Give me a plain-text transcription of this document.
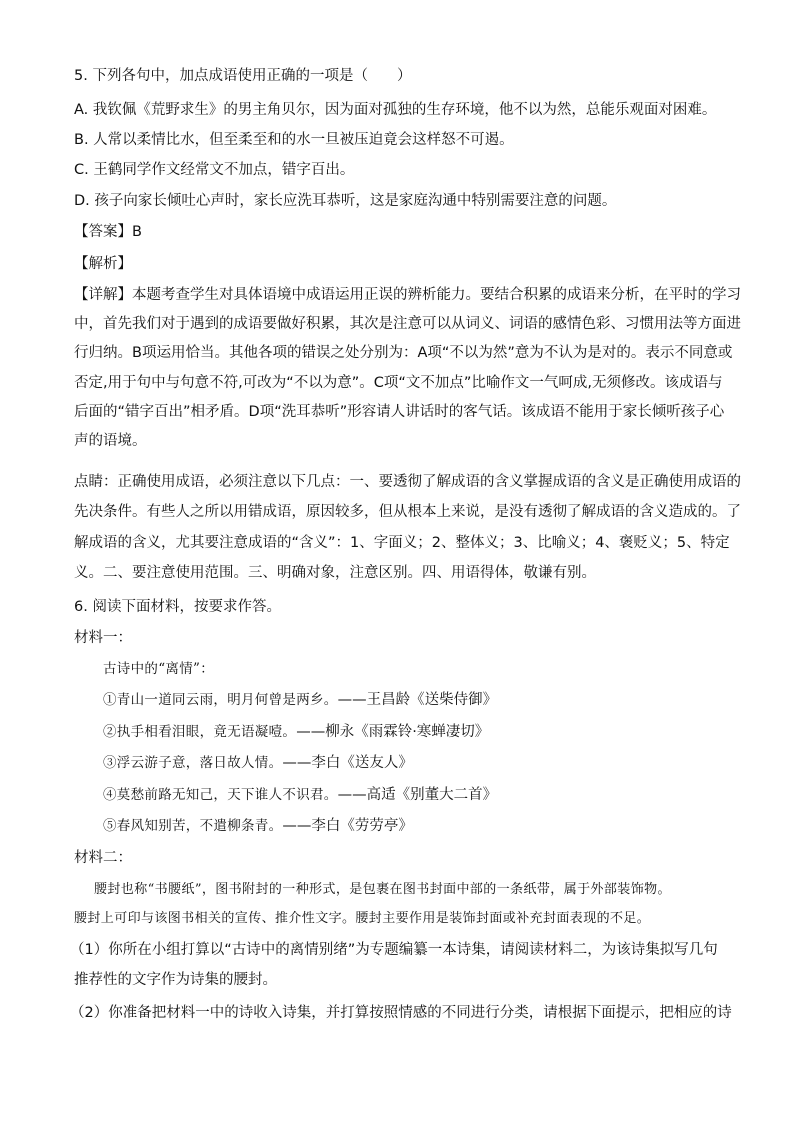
5. 下列各句中，加点成语使用正确的一项是（　　）
A. 我钦佩《荒野求生》的男主角贝尔，因为面对孤独的生存环境，他不以为然，总能乐观面对困难。
B. 人常以柔情比水，但至柔至和的水一旦被压迫竟会这样怒不可遏。
C. 王鹤同学作文经常文不加点，错字百出。
D. 孩子向家长倾吐心声时，家长应洗耳恭听，这是家庭沟通中特别需要注意的问题。
【答案】B
【解析】
【详解】本题考查学生对具体语境中成语运用正误的辨析能力。要结合积累的成语来分析，在平时的学习
中，首先我们对于遇到的成语要做好积累，其次是注意可以从词义、词语的感情色彩、习惯用法等方面进
行归纳。B项运用恰当。其他各项的错误之处分别为：A项“不以为然”意为不认为是对的。表示不同意或
否定,用于句中与句意不符,可改为“不以为意”。C项“文不加点”比喻作文一气呵成,无须修改。该成语与
后面的“错字百出”相矛盾。D项“洗耳恭听”形容请人讲话时的客气话。该成语不能用于家长倾听孩子心
声的语境。
点睛：正确使用成语，必须注意以下几点：一、要透彻了解成语的含义掌握成语的含义是正确使用成语的
先决条件。有些人之所以用错成语，原因较多，但从根本上来说，是没有透彻了解成语的含义造成的。了
解成语的含义，尤其要注意成语的“含义”：1、字面义；2、整体义；3、比喻义；4、褒贬义；5、特定
义。二、要注意使用范围。三、明确对象，注意区别。四、用语得体，敬谦有别。
6. 阅读下面材料，按要求作答。
材料一：
古诗中的“离情”：
①青山一道同云雨，明月何曾是两乡。——王昌龄《送柴侍御》
②执手相看泪眼，竟无语凝噎。——柳永《雨霖铃·寒蝉凄切》
③浮云游子意，落日故人情。——李白《送友人》
④莫愁前路无知己，天下谁人不识君。——高适《别董大二首》
⑤春风知别苦，不遣柳条青。——李白《劳劳亭》
材料二：
腰封也称“书腰纸”，图书附封的一种形式，是包裹在图书封面中部的一条纸带，属于外部装饰物。
腰封上可印与该图书相关的宣传、推介性文字。腰封主要作用是装饰封面或补充封面表现的不足。
（1）你所在小组打算以“古诗中的离情别绪”为专题编纂一本诗集，请阅读材料二，为该诗集拟写几句
推荐性的文字作为诗集的腰封。
（2）你准备把材料一中的诗收入诗集，并打算按照情感的不同进行分类，请根据下面提示，把相应的诗
